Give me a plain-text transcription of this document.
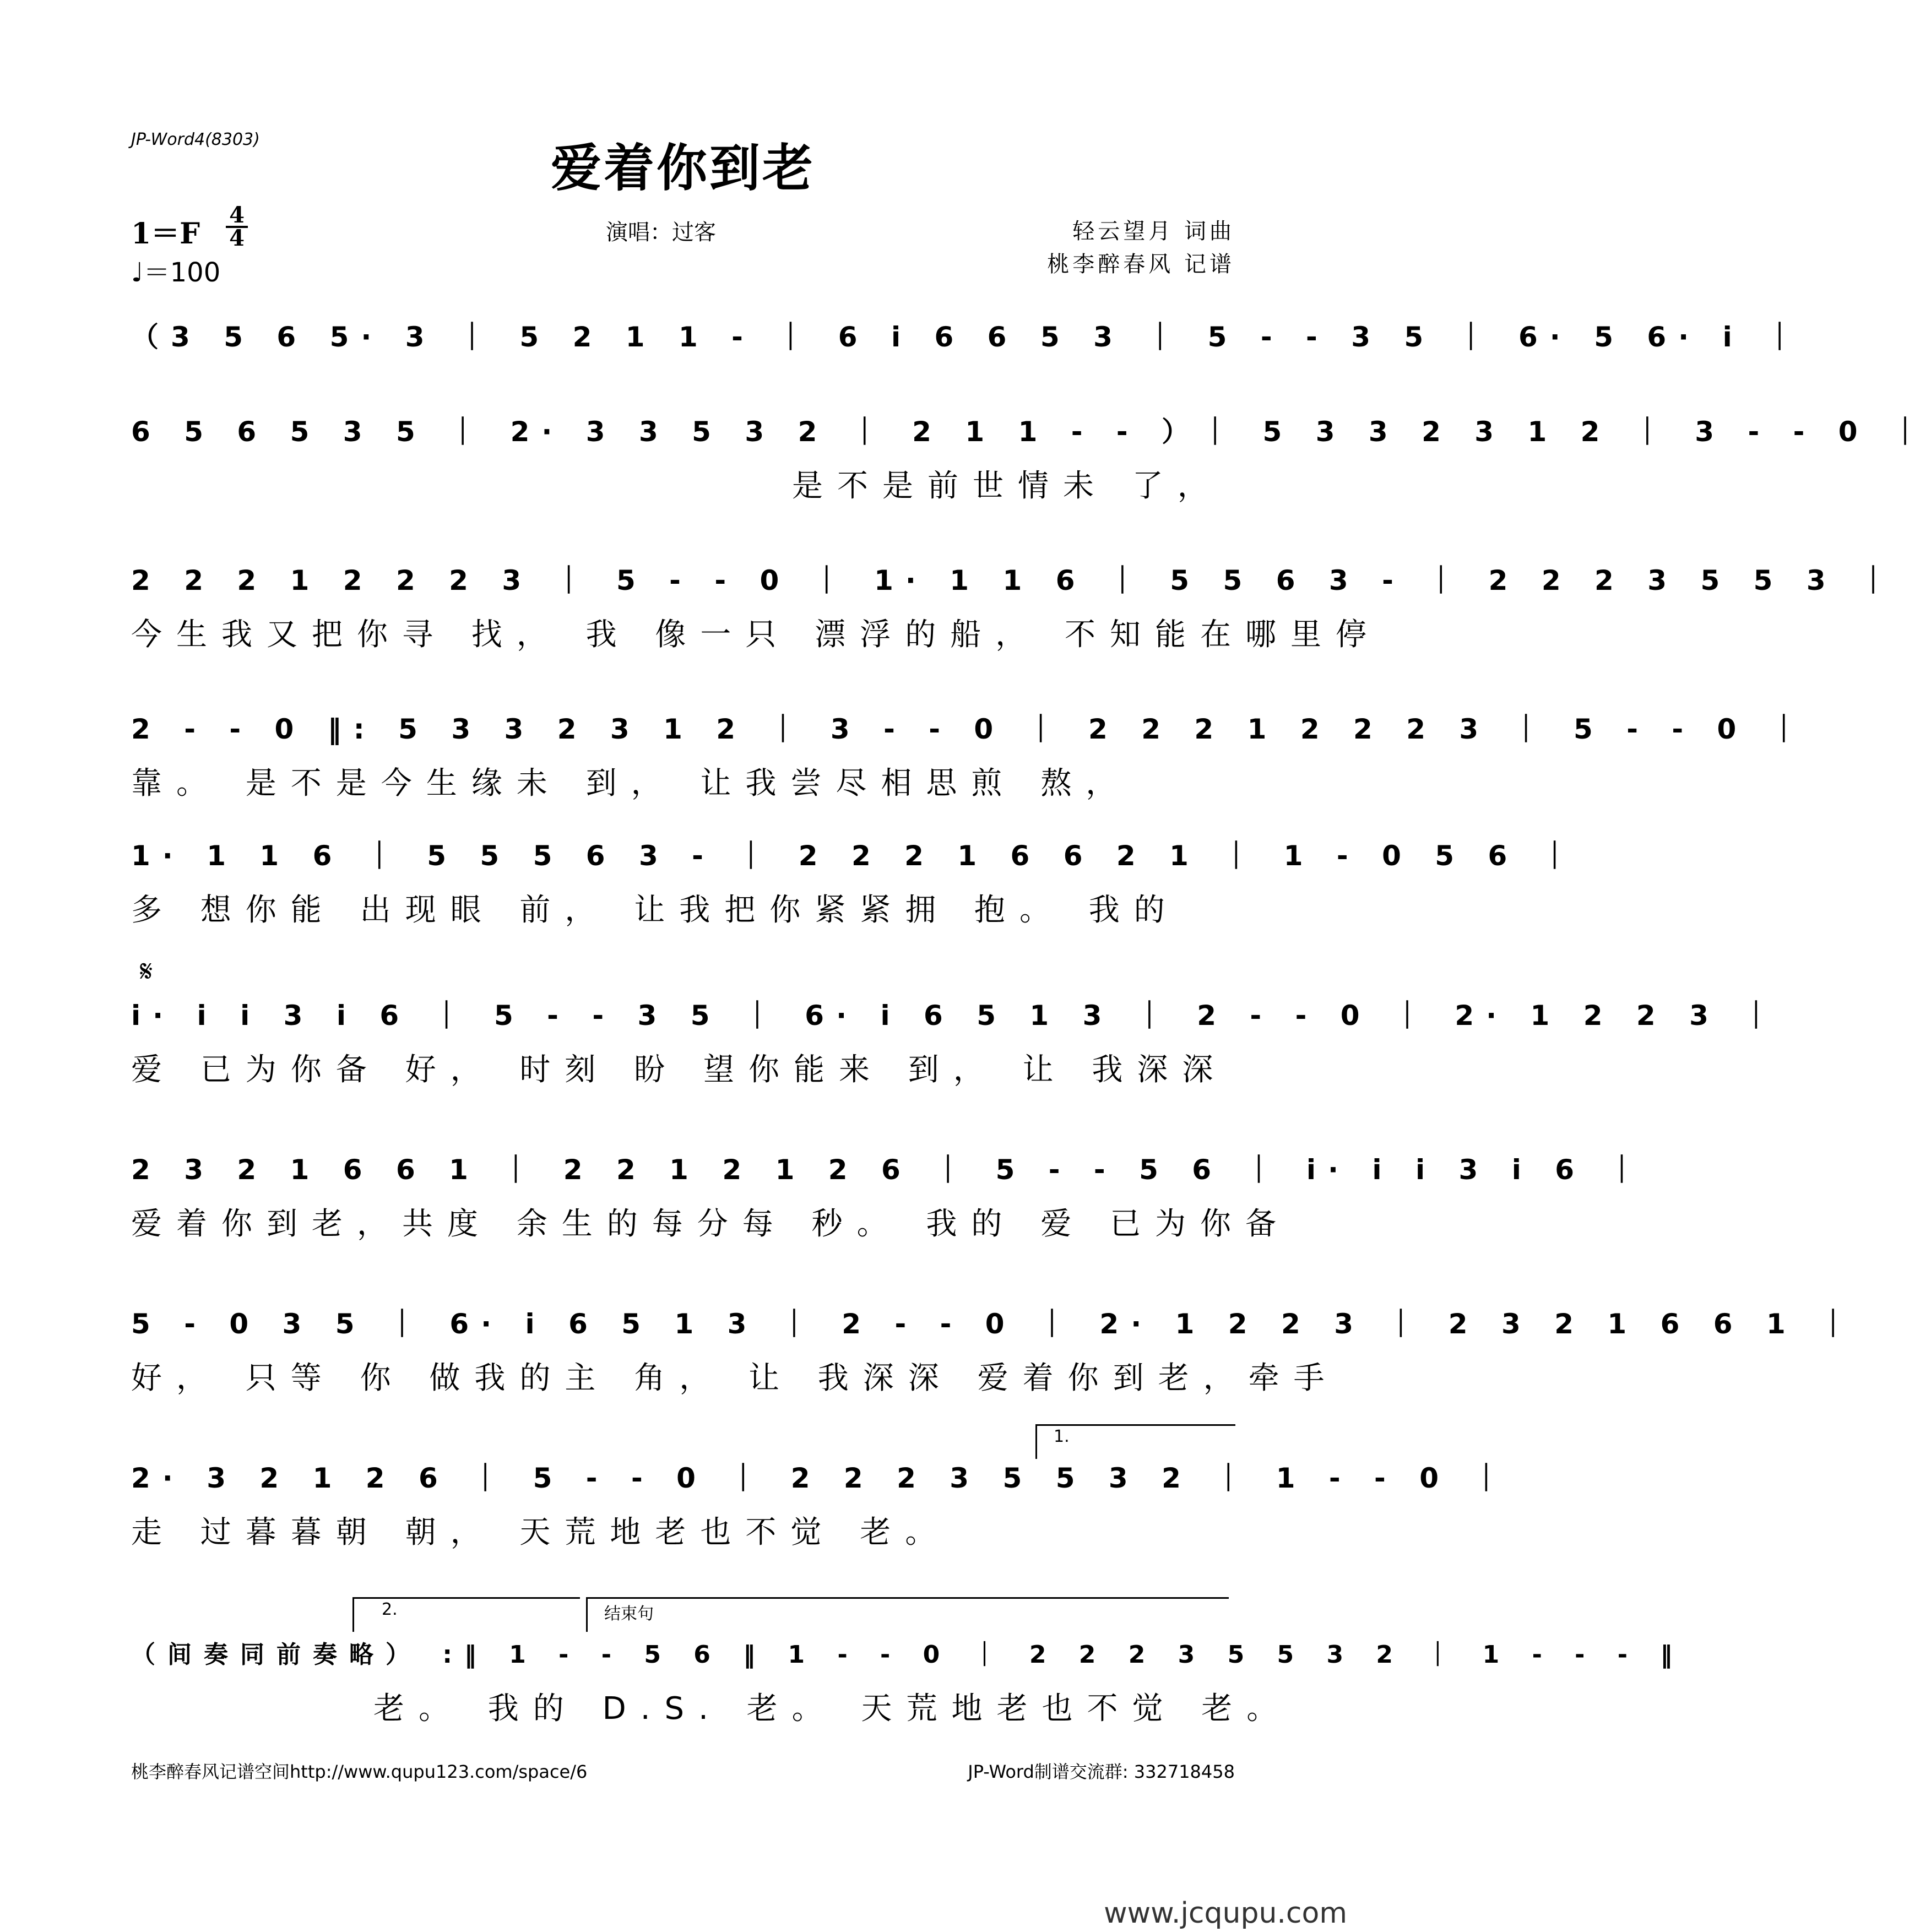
JP-Word4(8303)	爱着你到老
1＝F
4
4
♩＝100
演唱：过客	轻云望月 词曲
桃李醉春风 记谱
（3 5 6 5· 3 ｜ 5 2 1 1 - ｜ 6 i 6 6 5 3 ｜ 5 - - 3 5 ｜ 6· 5 6· i ｜
6 5 6 5 3 5 ｜ 2· 3 3 5 3 2 ｜ 2 1 1 - - ）｜ 5 3 3 2 3 1 2 ｜ 3 - - 0 ｜
是不是前世情未 了，
2 2 2 1 2 2 2 3 ｜ 5 - - 0 ｜ 1· 1 1 6 ｜ 5 5 6 3 - ｜ 2 2 2 3 5 5 3 ｜
今生我又把你寻 找， 我 像一只 漂浮的船， 不知能在哪里停
2 - - 0 ‖: 5 3 3 2 3 1 2 ｜ 3 - - 0 ｜ 2 2 2 1 2 2 2 3 ｜ 5 - - 0 ｜
靠。 是不是今生缘未 到， 让我尝尽相思煎 熬，
1· 1 1 6 ｜ 5 5 5 6 3 - ｜ 2 2 2 1 6 6 2 1 ｜ 1 - 0 5 6 ｜
多 想你能 出现眼 前， 让我把你紧紧拥 抱。 我的
𝄋
i· i i 3 i 6 ｜ 5 - - 3 5 ｜ 6· i 6 5 1 3 ｜ 2 - - 0 ｜ 2· 1 2 2 3 ｜
爱 已为你备 好， 时刻 盼 望你能来 到， 让 我深深
2 3 2 1 6 6 1 ｜ 2 2 1 2 1 2 6 ｜ 5 - - 5 6 ｜ i· i i 3 i 6 ｜
爱着你到老，共度 余生的每分每 秒。 我的 爱 已为你备
5 - 0 3 5 ｜ 6· i 6 5 1 3 ｜ 2 - - 0 ｜ 2· 1 2 2 3 ｜ 2 3 2 1 6 6 1 ｜
好， 只等 你 做我的主 角， 让 我深深 爱着你到老，牵手
1.
2· 3 2 1 2 6 ｜ 5 - - 0 ｜ 2 2 2 3 5 5 3 2 ｜ 1 - - 0 ｜
走 过暮暮朝 朝， 天荒地老也不觉 老。
2.	结束句
（间奏同前奏略） :‖ 1 - - 5 6 ‖ 1 - - 0 ｜ 2 2 2 3 5 5 3 2 ｜ 1 - - - ‖
老。 我的 D.S. 老。 天荒地老也不觉 老。
桃李醉春风记谱空间http://www.qupu123.com/space/6	JP-Word制谱交流群: 332718458
www.jcqupu.com
